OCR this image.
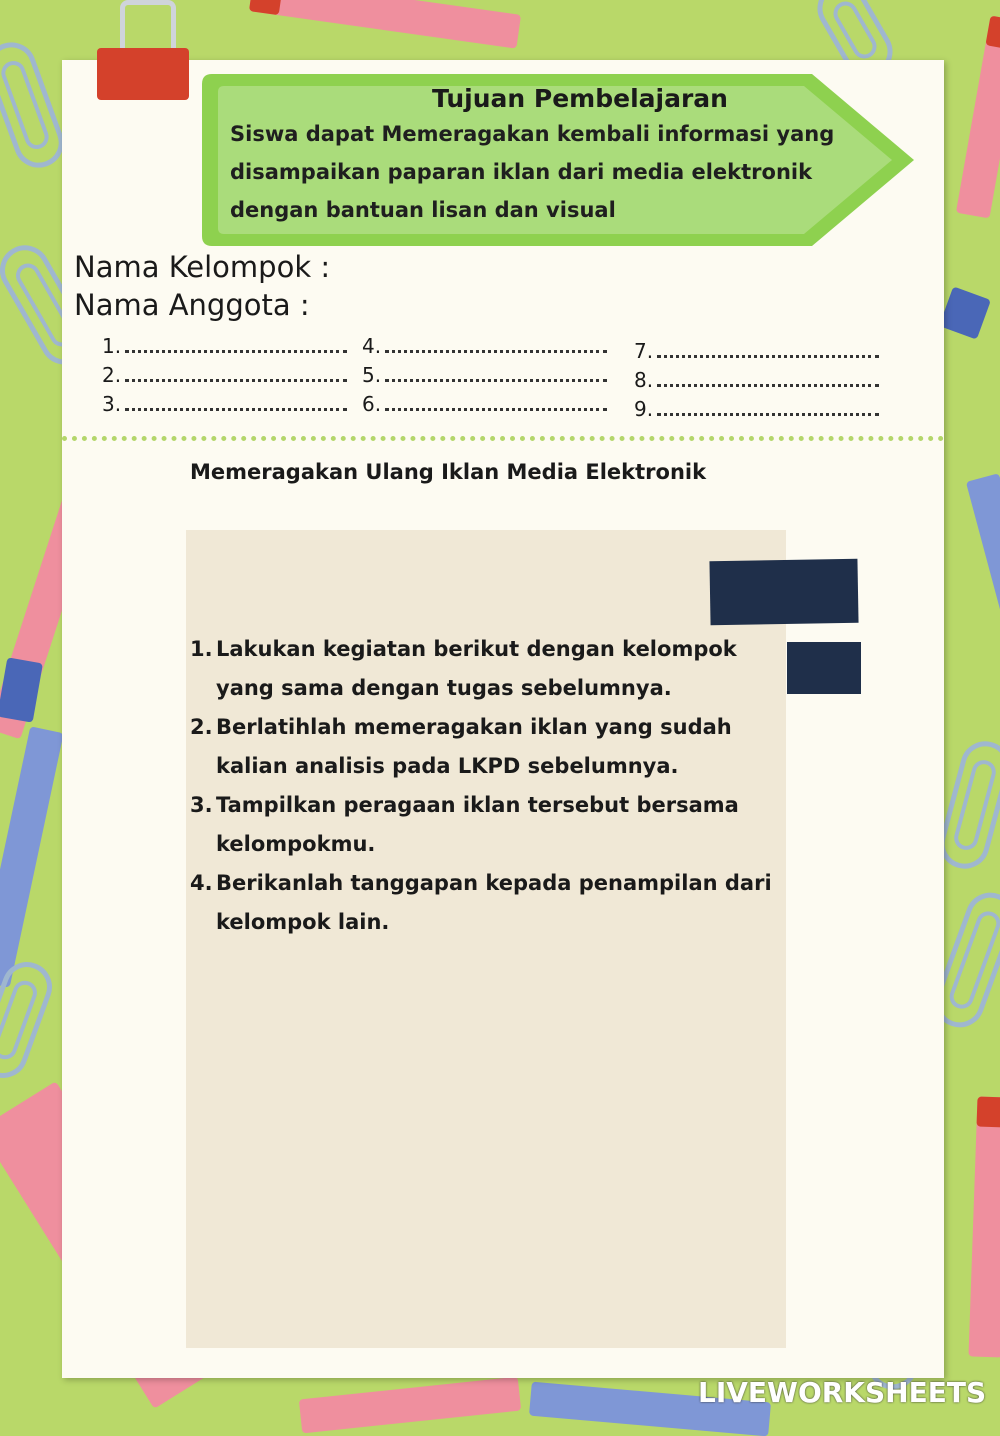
Tujuan Pembelajaran

Siswa dapat Memeragakan kembali informasi yang disampaikan paparan iklan dari media elektronik dengan bantuan lisan dan visual

Nama Kelompok :
Nama Anggota :
1.
2.
3.
4.
5.
6.
7.
8.
9.
Memeragakan Ulang Iklan Media Elektronik
1. Lakukan kegiatan berikut dengan kelompok yang sama dengan tugas sebelumnya.
2. Berlatihlah memeragakan iklan yang sudah kalian analisis pada LKPD sebelumnya.
3. Tampilkan peragaan iklan tersebut bersama kelompokmu.
4. Berikanlah tanggapan kepada penampilan dari kelompok lain.
LIVEWORKSHEETS
